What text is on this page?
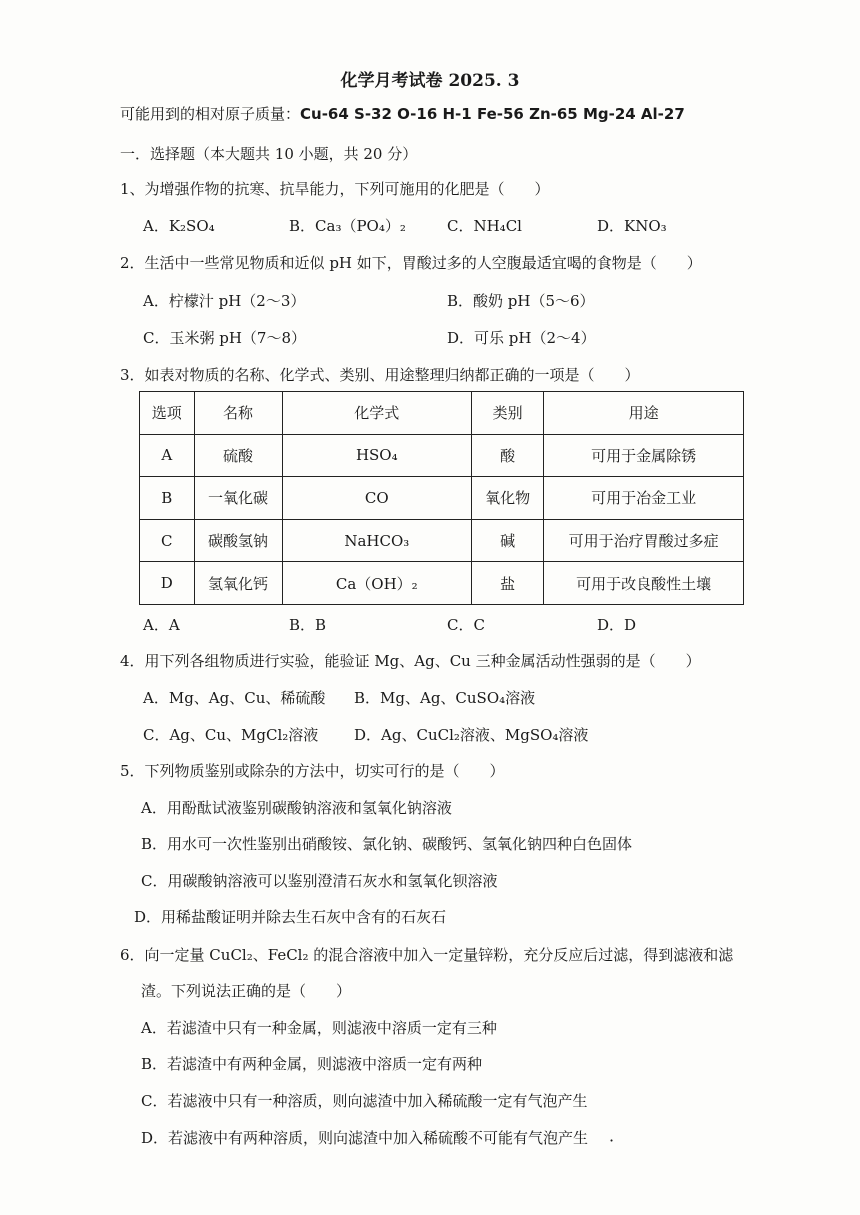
化学月考试卷 2025. 3
可能用到的相对原子质量：Cu-64 S-32 O-16 H-1 Fe-56 Zn-65 Mg-24 Al-27
一．选择题（本大题共 10 小题，共 20 分）
1、为增强作物的抗寒、抗旱能力，下列可施用的化肥是（　　）
A．K₂SO₄	B．Ca₃（PO₄）₂	C．NH₄Cl	D．KNO₃
2．生活中一些常见物质和近似 pH 如下，胃酸过多的人空腹最适宜喝的食物是（　　）
A．柠檬汁 pH（2～3）	B．酸奶 pH（5～6）
C．玉米粥 pH（7～8）	D．可乐 pH（2～4）
3．如表对物质的名称、化学式、类别、用途整理归纳都正确的一项是（　　）
选项	名称	化学式	类别	用途
A	硫酸	HSO₄	酸	可用于金属除锈
B	一氧化碳	CO	氧化物	可用于冶金工业
C	碳酸氢钠	NaHCO₃	碱	可用于治疗胃酸过多症
D	氢氧化钙	Ca（OH）₂	盐	可用于改良酸性土壤
A．A	B．B	C．C	D．D
4．用下列各组物质进行实验，能验证 Mg、Ag、Cu 三种金属活动性强弱的是（　　）
A．Mg、Ag、Cu、稀硫酸 B．Mg、Ag、CuSO₄溶液
C．Ag、Cu、MgCl₂溶液 D．Ag、CuCl₂溶液、MgSO₄溶液
5．下列物质鉴别或除杂的方法中，切实可行的是（　　）
A．用酚酞试液鉴别碳酸钠溶液和氢氧化钠溶液
B．用水可一次性鉴别出硝酸铵、氯化钠、碳酸钙、氢氧化钠四种白色固体
C．用碳酸钠溶液可以鉴别澄清石灰水和氢氧化钡溶液
D．用稀盐酸证明并除去生石灰中含有的石灰石
6．向一定量 CuCl₂、FeCl₂ 的混合溶液中加入一定量锌粉，充分反应后过滤，得到滤液和滤
渣。下列说法正确的是（　　）
A．若滤渣中只有一种金属，则滤液中溶质一定有三种
B．若滤渣中有两种金属，则滤液中溶质一定有两种
C．若滤液中只有一种溶质，则向滤渣中加入稀硫酸一定有气泡产生
D．若滤液中有两种溶质，则向滤渣中加入稀硫酸不可能有气泡产生 ·
